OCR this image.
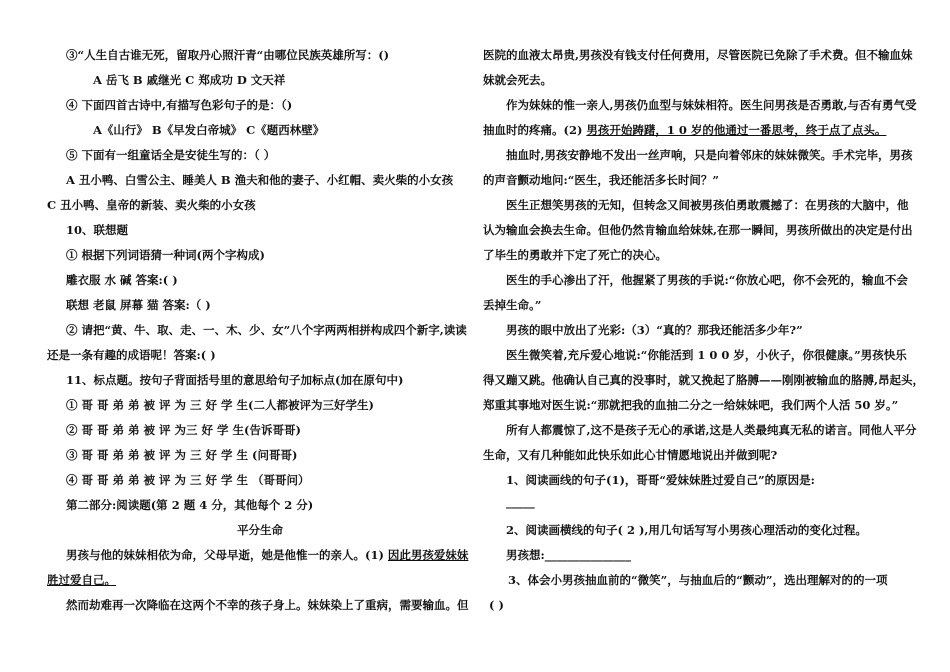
③“人生自古谁无死，留取丹心照汗青“由哪位民族英雄所写：()
A 岳飞 B 戚继光 C 郑成功 D 文天祥
④ 下面四首古诗中,有描写色彩句子的是：（)
A《山行》 B《早发白帝城》 C《题西林壁》
⑤ 下面有一组童话全是安徒生写的：（ ）
A 丑小鸭、白雪公主、睡美人 B 渔夫和他的妻子、小红帽、卖火柴的小女孩
C 丑小鸭、皇帝的新装、卖火柴的小女孩
10、联想题
① 根据下列词语猜一种词(两个字构成)
雕衣服 水 碱 答案:( )
联想 老鼠 屏幕 猫 答案:（ )
② 请把“黄、牛、取、走、一、木、少、女”八个字两两相拼构成四个新字,读读
还是一条有趣的成语呢！答案:( )
11、标点题。按句子背面括号里的意思给句子加标点(加在原句中)
① 哥 哥 弟 弟 被 评 为 三 好 学 生(二人都被评为三好学生)
② 哥 哥 弟 弟 被 评 为三 好 学 生(告诉哥哥)
③ 哥 哥 弟 弟 被 评 为 三 好 学 生 (问哥哥)
④ 哥 哥 弟 弟 被 评 为 三 好 学 生 （哥哥问）
第二部分:阅读题(第 2 题 4 分，其他每个 2 分)
平分生命
男孩与他的妹妹相依为命，父母早逝，她是他惟一的亲人。(1) 因此男孩爱妹妹
胜过爱自己。
然而劫难再一次降临在这两个不幸的孩子身上。妹妹染上了重病，需要输血。但
医院的血液太昂贵,男孩没有钱支付任何费用，尽管医院已免除了手术费。但不输血妹
妹就会死去。
作为妹妹的惟一亲人,男孩仍血型与妹妹相符。医生问男孩是否勇敢,与否有勇气受
抽血时的疼痛。(2) 男孩开始踌躇，1 0 岁的他通过一番思考，终于点了点头。
抽血时,男孩安静地不发出一丝声响，只是向着邻床的妹妹微笑。手术完毕，男孩
的声音颤动地问:“医生，我还能活多长时间？”
医生正想笑男孩的无知，但转念又间被男孩伯勇敢震撼了：在男孩的大脑中，他
认为输血会换去生命。但他仍然肯输血给妹妹,在那一瞬间，男孩所做出的决定是付出
了毕生的勇敢并下定了死亡的决心。
医生的手心渗出了汗，他握紧了男孩的手说:“你放心吧，你不会死的，输血不会
丢掉生命。”
男孩的眼中放出了光彩:（3）“真的？那我还能活多少年?”
医生微笑着,充斥爱心地说:“你能活到 1 0 0 岁，小伙子，你很健康。”男孩快乐
得又蹦又跳。他确认自己真的没事时，就又挽起了胳膊——刚刚被输血的胳膊,昂起头，
郑重其事地对医生说:“那就把我的血抽二分之一给妹妹吧，我们两个人活 50 岁。”
所有人都震惊了,这不是孩子无心的承诺,这是人类最纯真无私的诺言。同他人平分
生命，又有几种能如此快乐如此心甘情愿地说出并做到呢?
1、阅读画线的句子(1)，哥哥“爱妹妹胜过爱自己”的原因是:
_____
2、阅读画横线的句子( 2 ),用几句话写写小男孩心理活动的变化过程。
男孩想:_______________
3、体会小男孩抽血前的“微笑”，与抽血后的“颤动”，选出理解对的的一项
( )
